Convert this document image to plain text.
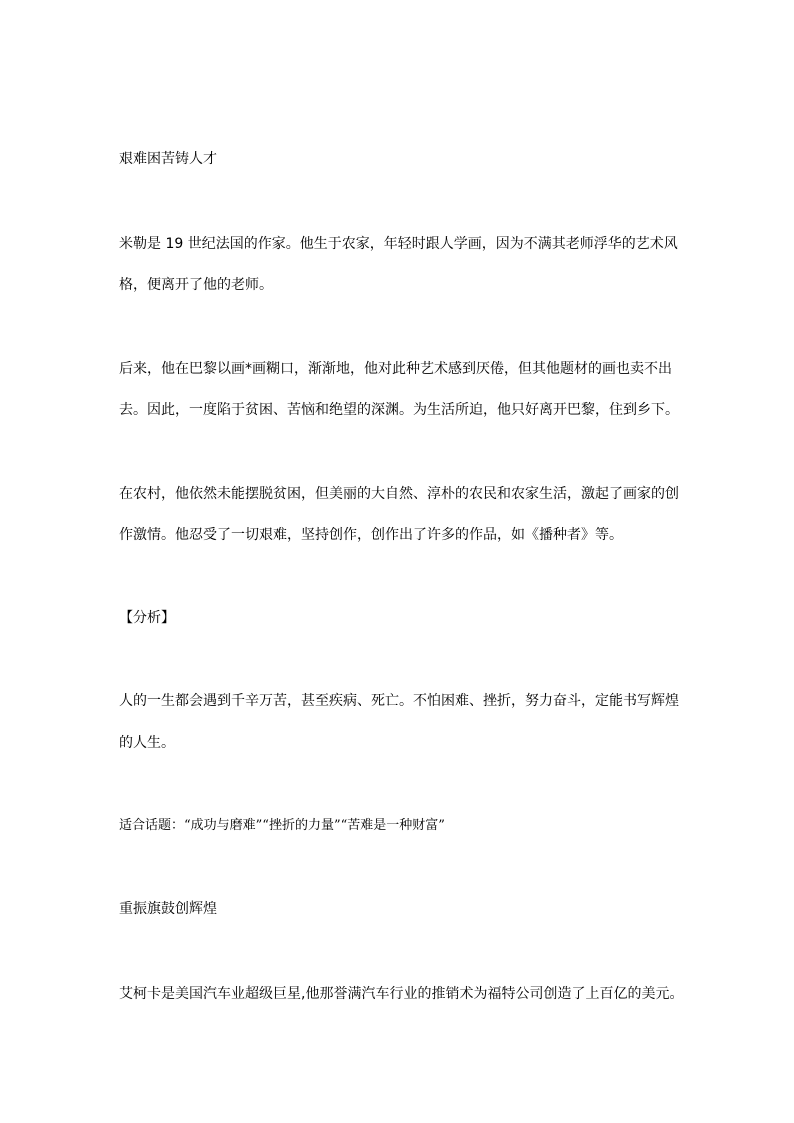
艰难困苦铸人才
米勒是 19 世纪法国的作家。他生于农家，年轻时跟人学画，因为不满其老师浮华的艺术风
格，便离开了他的老师。
后来，他在巴黎以画*画糊口，渐渐地，他对此种艺术感到厌倦，但其他题材的画也卖不出
去。因此，一度陷于贫困、苦恼和绝望的深渊。为生活所迫，他只好离开巴黎，住到乡下。
在农村，他依然未能摆脱贫困，但美丽的大自然、淳朴的农民和农家生活，激起了画家的创
作激情。他忍受了一切艰难，坚持创作，创作出了许多的作品，如《播种者》等。
【分析】
人的一生都会遇到千辛万苦，甚至疾病、死亡。不怕困难、挫折，努力奋斗，定能书写辉煌
的人生。
适合话题：“成功与磨难”“挫折的力量”“苦难是一种财富”
重振旗鼓创辉煌
艾柯卡是美国汽车业超级巨星,他那誉满汽车行业的推销术为福特公司创造了上百亿的美元。
